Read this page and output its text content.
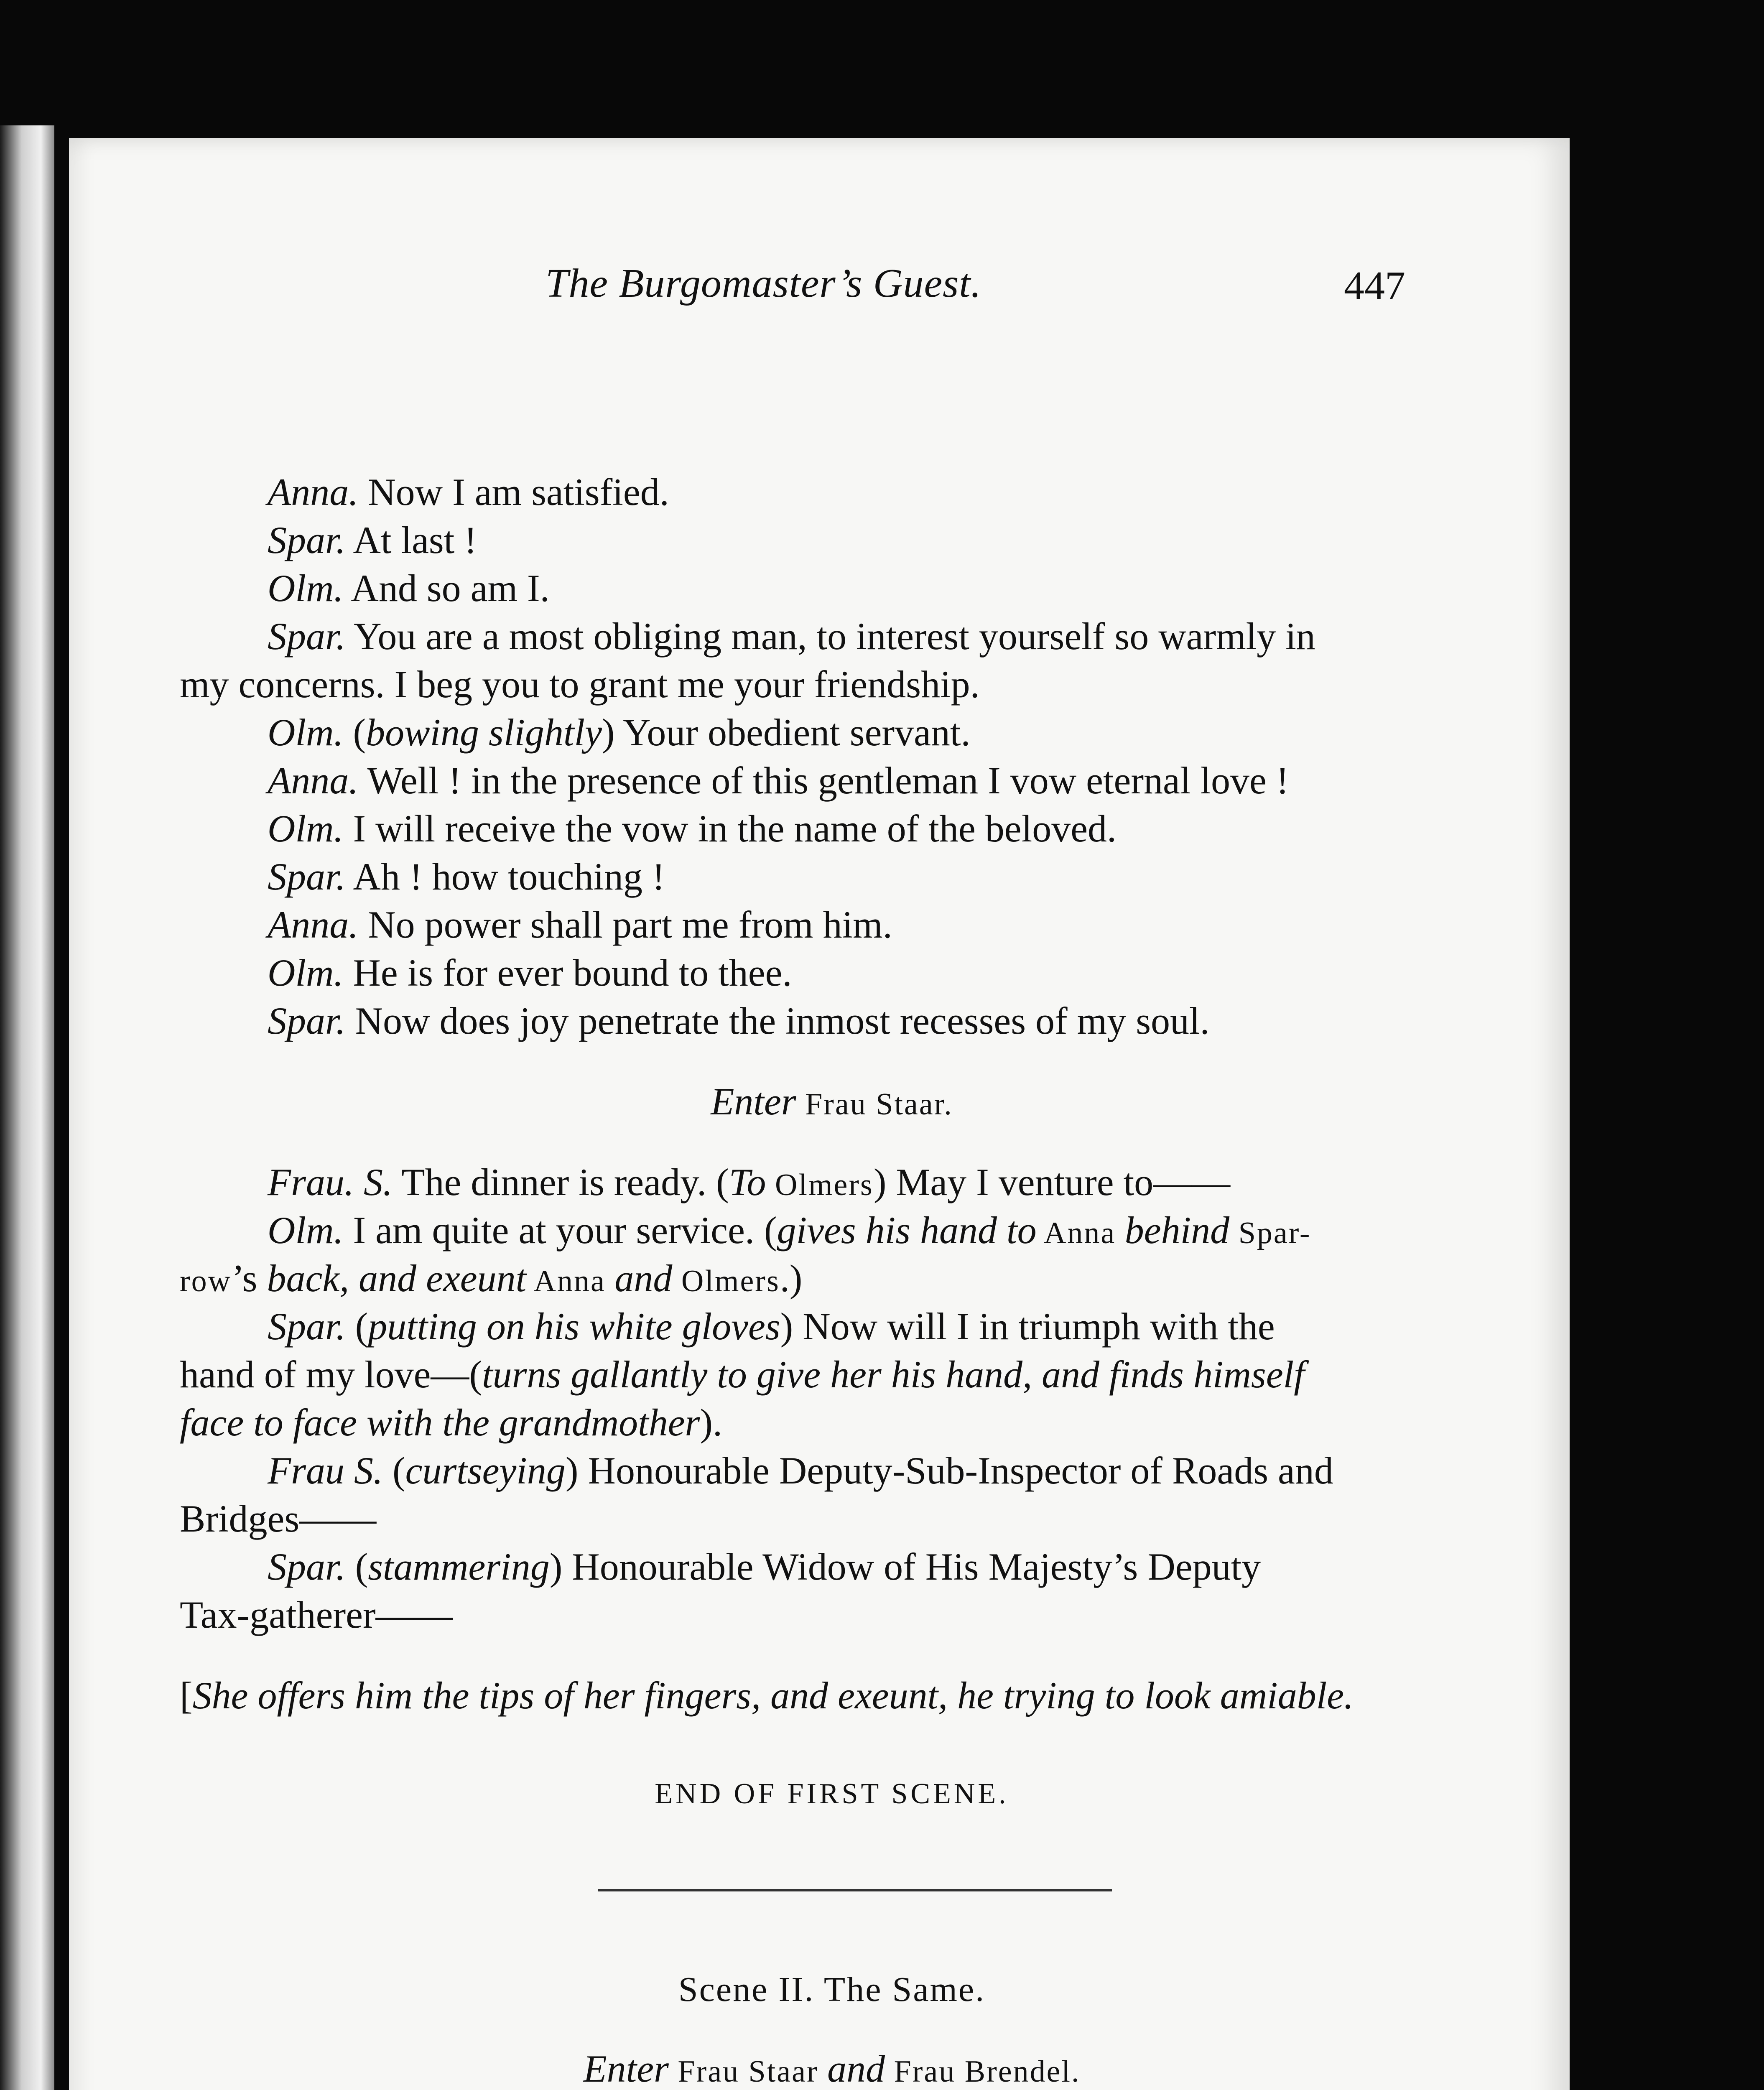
The Burgomaster’s Guest.	447
Anna. Now I am satisfied.
Spar. At last !
Olm. And so am I.
Spar. You are a most obliging man, to interest yourself so warmly in
my concerns. I beg you to grant me your friendship.
Olm. (bowing slightly) Your obedient servant.
Anna. Well ! in the presence of this gentleman I vow eternal love !
Olm. I will receive the vow in the name of the beloved.
Spar. Ah ! how touching !
Anna. No power shall part me from him.
Olm. He is for ever bound to thee.
Spar. Now does joy penetrate the inmost recesses of my soul.
Enter Frau Staar.
Frau. S. The dinner is ready. (To Olmers) May I venture to——
Olm. I am quite at your service. (gives his hand to Anna behind Spar-
row’s back, and exeunt Anna and Olmers.)
Spar. (putting on his white gloves) Now will I in triumph with the
hand of my love—(turns gallantly to give her his hand, and finds himself
face to face with the grandmother).
Frau S. (curtseying) Honourable Deputy-Sub-Inspector of Roads and
Bridges——
Spar. (stammering) Honourable Widow of His Majesty’s Deputy
Tax-gatherer——
[She offers him the tips of her fingers, and exeunt, he trying to look amiable.
END OF FIRST SCENE.
Scene II. The Same.
Enter Frau Staar and Frau Brendel.
